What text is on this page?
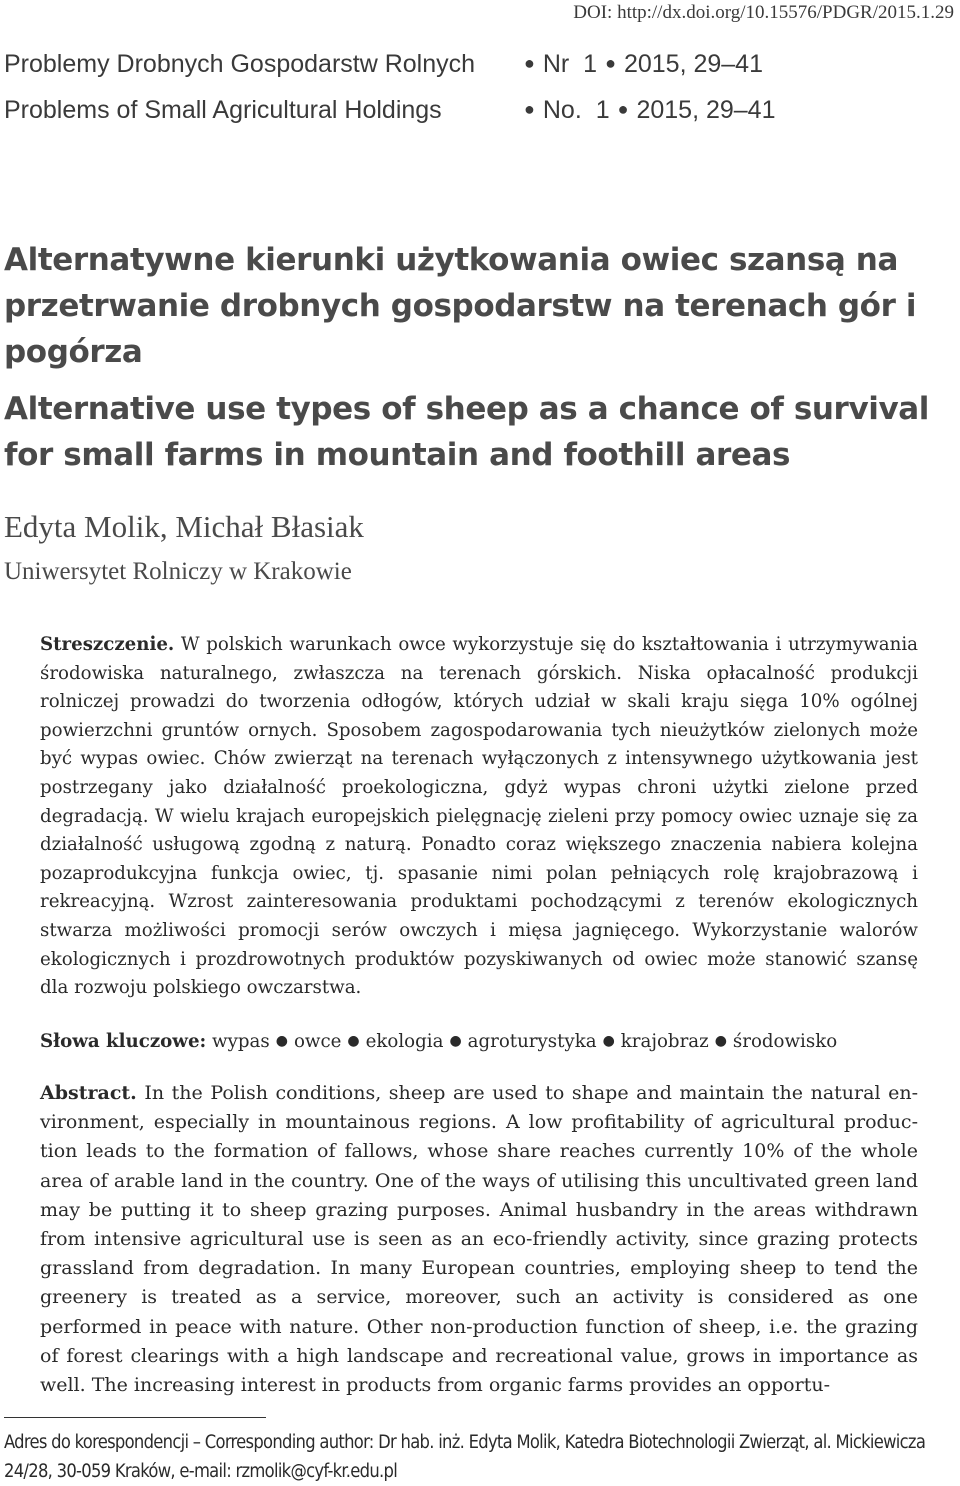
DOI: http://dx.doi.org/10.15576/PDGR/2015.1.29
Problemy Drobnych Gospodarstw Rolnych	● Nr 1 ● 2015, 29–41
Problems of Small Agricultural Holdings	● No. 1 ● 2015, 29–41
Alternatywne kierunki użytkowania owiec szansą na przetrwanie drobnych gospodarstw na terenach gór i pogórza
Alternative use types of sheep as a chance of survival for small farms in mountain and foothill areas
Edyta Molik, Michał Błasiak
Uniwersytet Rolniczy w Krakowie
Streszczenie. W polskich warunkach owce wykorzystuje się do kształtowania i utrzymywania środowiska naturalnego, zwłaszcza na terenach górskich. Niska opłacalność produkcji rolniczej prowadzi do tworzenia odłogów, których udział w skali kraju sięga 10% ogólnej powierzchni gruntów ornych. Sposobem zagospodarowania tych nieużytków zielonych może być wypas owiec. Chów zwierząt na terenach wyłączonych z intensywnego użytkowania jest postrzegany jako działalność proekologiczna, gdyż wypas chroni użytki zielone przed degradacją. W wielu krajach europejskich pielęgnację zieleni przy pomocy owiec uznaje się za działalność usługową zgodną z naturą. Ponadto coraz większego znaczenia nabiera kolejna pozaprodukcyjna funkcja owiec, tj. spasanie nimi polan pełniących rolę krajobrazową i rekreacyjną. Wzrost zainteresowania produktami pochodzącymi z terenów ekologicznych stwarza możliwości promocji serów owczych i mięsa jagnięcego. Wykorzystanie walorów ekologicznych i prozdrowotnych produktów pozyskiwanych od owiec może stanowić szansę dla rozwoju polskiego owczarstwa.
Słowa kluczowe: wypas ● owce ● ekologia ● agroturystyka ● krajobraz ● środowisko
Abstract. In the Polish conditions, sheep are used to shape and maintain the natural environment, especially in mountainous regions. A low profitability of agricultural production leads to the formation of fallows, whose share reaches currently 10% of the whole area of arable land in the country. One of the ways of utilising this uncultivated green land may be putting it to sheep grazing purposes. Animal husbandry in the areas withdrawn from intensive agricultural use is seen as an eco-friendly activity, since grazing protects grassland from degradation. In many European countries, employing sheep to tend the greenery is treated as a service, moreover, such an activity is considered as one performed in peace with nature. Other non-production function of sheep, i.e. the grazing of forest clearings with a high landscape and recreational value, grows in importance as well. The increasing interest in products from organic farms provides an opportu-
Adres do korespondencji – Corresponding author: Dr hab. inż. Edyta Molik, Katedra Biotechnologii Zwierząt, al. Mickiewicza 24/28, 30-059 Kraków, e-mail: rzmolik@cyf-kr.edu.pl
